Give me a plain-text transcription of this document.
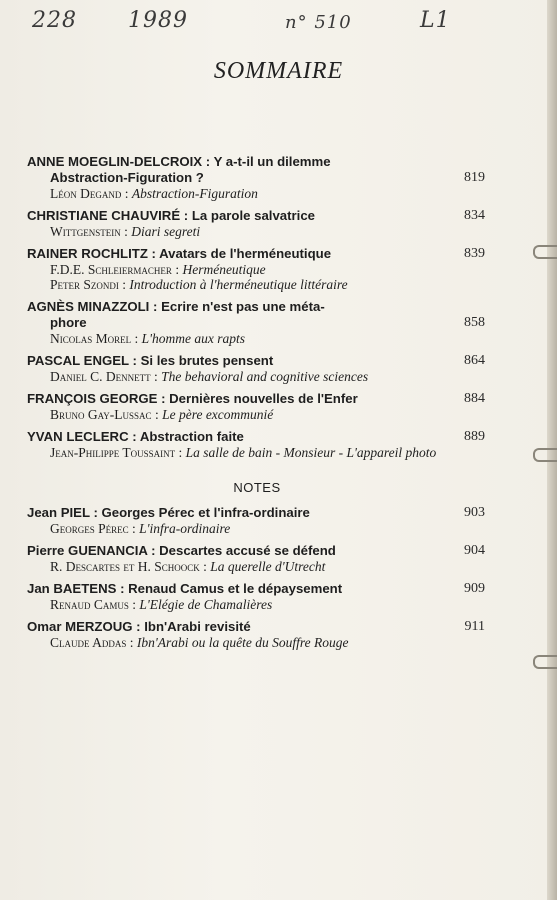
228 1989	n° 510	L1
SOMMAIRE
ANNE MOEGLIN-DELCROIX : Y a-t-il un dilemme
Abstraction-Figuration ?	819
Léon Degand : Abstraction-Figuration
CHRISTIANE CHAUVIRÉ : La parole salvatrice	834
Wittgenstein : Diari segreti
RAINER ROCHLITZ : Avatars de l'herméneutique	839
F.D.E. Schleiermacher : Herméneutique
Peter Szondi : Introduction à l'herméneutique littéraire
AGNÈS MINAZZOLI : Ecrire n'est pas une méta-
phore	858
Nicolas Morel : L'homme aux rapts
PASCAL ENGEL : Si les brutes pensent	864
Daniel C. Dennett : The behavioral and cognitive sciences
FRANÇOIS GEORGE : Dernières nouvelles de l'Enfer	884
Bruno Gay-Lussac : Le père excommunié
YVAN LECLERC : Abstraction faite	889
Jean-Philippe Toussaint : La salle de bain - Monsieur - L'appareil photo
NOTES
Jean PIEL : Georges Pérec et l'infra-ordinaire	903
Georges Pérec : L'infra-ordinaire
Pierre GUENANCIA : Descartes accusé se défend	904
R. Descartes et H. Schoock : La querelle d'Utrecht
Jan BAETENS : Renaud Camus et le dépaysement	909
Renaud Camus : L'Elégie de Chamalières
Omar MERZOUG : Ibn'Arabi revisité	911
Claude Addas : Ibn'Arabi ou la quête du Souffre Rouge
